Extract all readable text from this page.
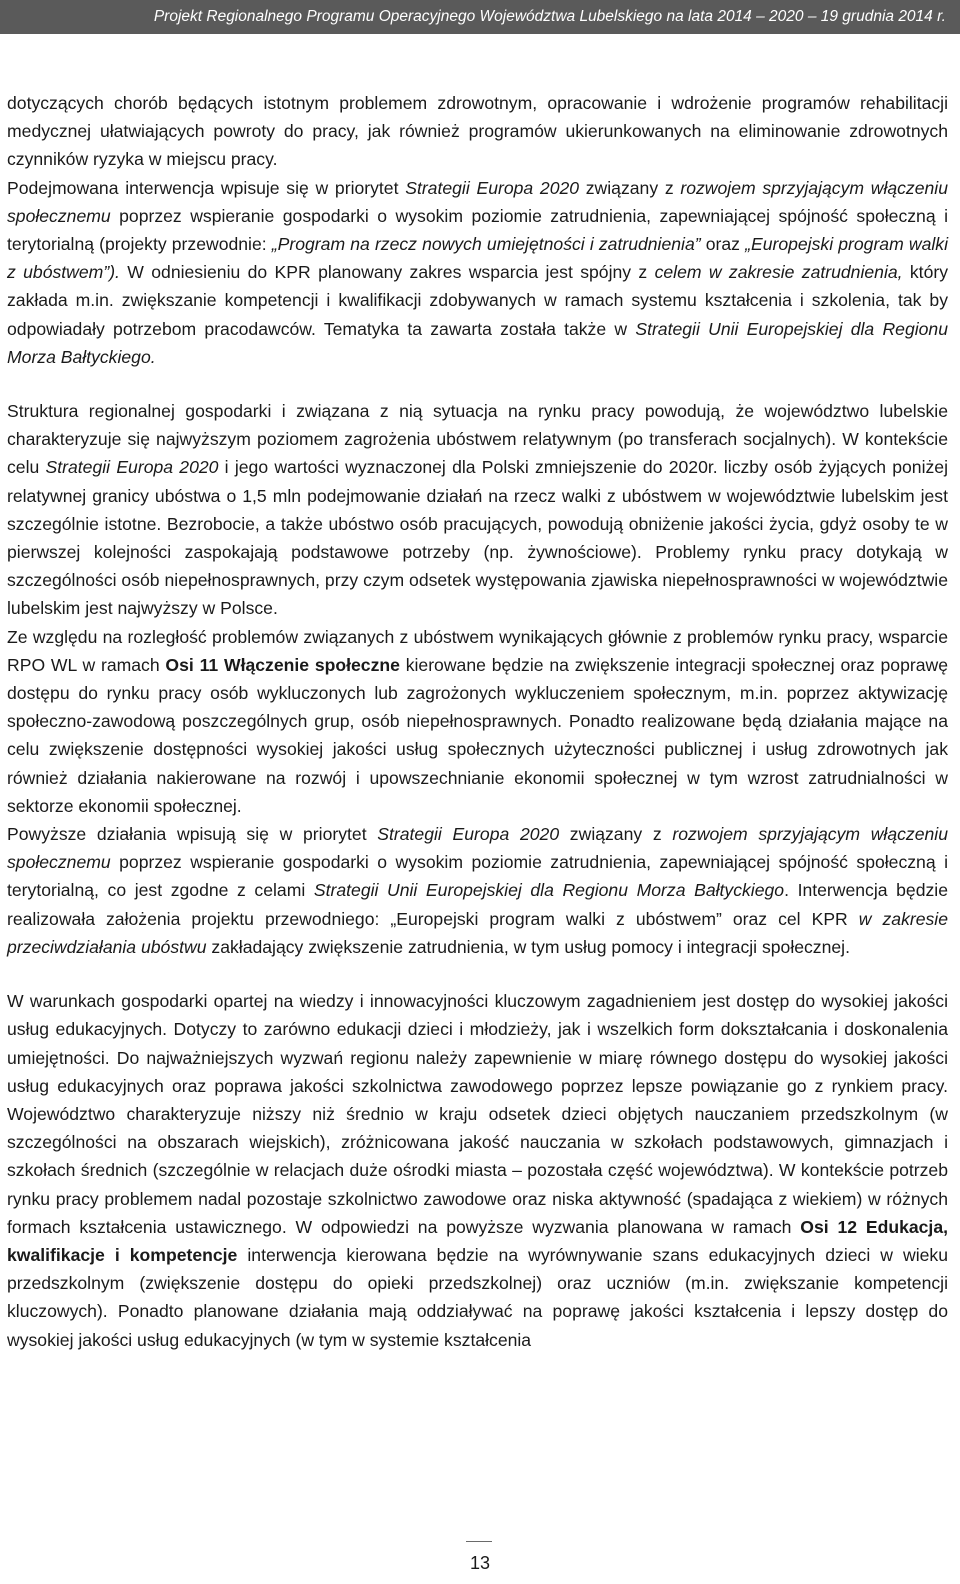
Projekt Regionalnego Programu Operacyjnego Województwa Lubelskiego na lata 2014 – 2020 – 19 grudnia 2014 r.

dotyczących chorób będących istotnym problemem zdrowotnym, opracowanie i wdrożenie programów rehabilitacji medycznej ułatwiających powroty do pracy, jak również programów ukierunkowanych na eliminowanie zdrowotnych czynników ryzyka w miejscu pracy.

Podejmowana interwencja wpisuje się w priorytet Strategii Europa 2020 związany z rozwojem sprzyjającym włączeniu społecznemu poprzez wspieranie gospodarki o wysokim poziomie zatrudnienia, zapewniającej spójność społeczną i terytorialną (projekty przewodnie: „Program na rzecz nowych umiejętności i zatrudnienia” oraz „Europejski program walki z ubóstwem”). W odniesieniu do KPR planowany zakres wsparcia jest spójny z celem w zakresie zatrudnienia, który zakłada m.in. zwiększanie kompetencji i kwalifikacji zdobywanych w ramach systemu kształcenia i szkolenia, tak by odpowiadały potrzebom pracodawców. Tematyka ta zawarta została także w Strategii Unii Europejskiej dla Regionu Morza Bałtyckiego.

Struktura regionalnej gospodarki i związana z nią sytuacja na rynku pracy powodują, że województwo lubelskie charakteryzuje się najwyższym poziomem zagrożenia ubóstwem relatywnym (po transferach socjalnych). W kontekście celu Strategii Europa 2020 i jego wartości wyznaczonej dla Polski zmniejszenie do 2020r. liczby osób żyjących poniżej relatywnej granicy ubóstwa o 1,5 mln podejmowanie działań na rzecz walki z ubóstwem w województwie lubelskim jest szczególnie istotne. Bezrobocie, a także ubóstwo osób pracujących, powodują obniżenie jakości życia, gdyż osoby te w pierwszej kolejności zaspokajają podstawowe potrzeby (np. żywnościowe). Problemy rynku pracy dotykają w szczególności osób niepełnosprawnych, przy czym odsetek występowania zjawiska niepełnosprawności w województwie lubelskim jest najwyższy w Polsce.

Ze względu na rozległość problemów związanych z ubóstwem wynikających głównie z problemów rynku pracy, wsparcie RPO WL w ramach Osi 11 Włączenie społeczne kierowane będzie na zwiększenie integracji społecznej oraz poprawę dostępu do rynku pracy osób wykluczonych lub zagrożonych wykluczeniem społecznym, m.in. poprzez aktywizację społeczno-zawodową poszczególnych grup, osób niepełnosprawnych. Ponadto realizowane będą działania mające na celu zwiększenie dostępności wysokiej jakości usług społecznych użyteczności publicznej i usług zdrowotnych jak również działania nakierowane na rozwój i upowszechnianie ekonomii społecznej w tym wzrost zatrudnialności w sektorze ekonomii społecznej.

Powyższe działania wpisują się w priorytet Strategii Europa 2020 związany z rozwojem sprzyjającym włączeniu społecznemu poprzez wspieranie gospodarki o wysokim poziomie zatrudnienia, zapewniającej spójność społeczną i terytorialną, co jest zgodne z celami Strategii Unii Europejskiej dla Regionu Morza Bałtyckiego. Interwencja będzie realizowała założenia projektu przewodniego: „Europejski program walki z ubóstwem” oraz cel KPR w zakresie przeciwdziałania ubóstwu zakładający zwiększenie zatrudnienia, w tym usług pomocy i integracji społecznej.

W warunkach gospodarki opartej na wiedzy i innowacyjności kluczowym zagadnieniem jest dostęp do wysokiej jakości usług edukacyjnych. Dotyczy to zarówno edukacji dzieci i młodzieży, jak i wszelkich form dokształcania i doskonalenia umiejętności. Do najważniejszych wyzwań regionu należy zapewnienie w miarę równego dostępu do wysokiej jakości usług edukacyjnych oraz poprawa jakości szkolnictwa zawodowego poprzez lepsze powiązanie go z rynkiem pracy. Województwo charakteryzuje niższy niż średnio w kraju odsetek dzieci objętych nauczaniem przedszkolnym (w szczególności na obszarach wiejskich), zróżnicowana jakość nauczania w szkołach podstawowych, gimnazjach i szkołach średnich (szczególnie w relacjach duże ośrodki miasta – pozostała część województwa). W kontekście potrzeb rynku pracy problemem nadal pozostaje szkolnictwo zawodowe oraz niska aktywność (spadająca z wiekiem) w różnych formach kształcenia ustawicznego. W odpowiedzi na powyższe wyzwania planowana w ramach Osi 12 Edukacja, kwalifikacje i kompetencje interwencja kierowana będzie na wyrównywanie szans edukacyjnych dzieci w wieku przedszkolnym (zwiększenie dostępu do opieki przedszkolnej) oraz uczniów (m.in. zwiększanie kompetencji kluczowych). Ponadto planowane działania mają oddziaływać na poprawę jakości kształcenia i lepszy dostęp do wysokiej jakości usług edukacyjnych (w tym w systemie kształcenia

13
